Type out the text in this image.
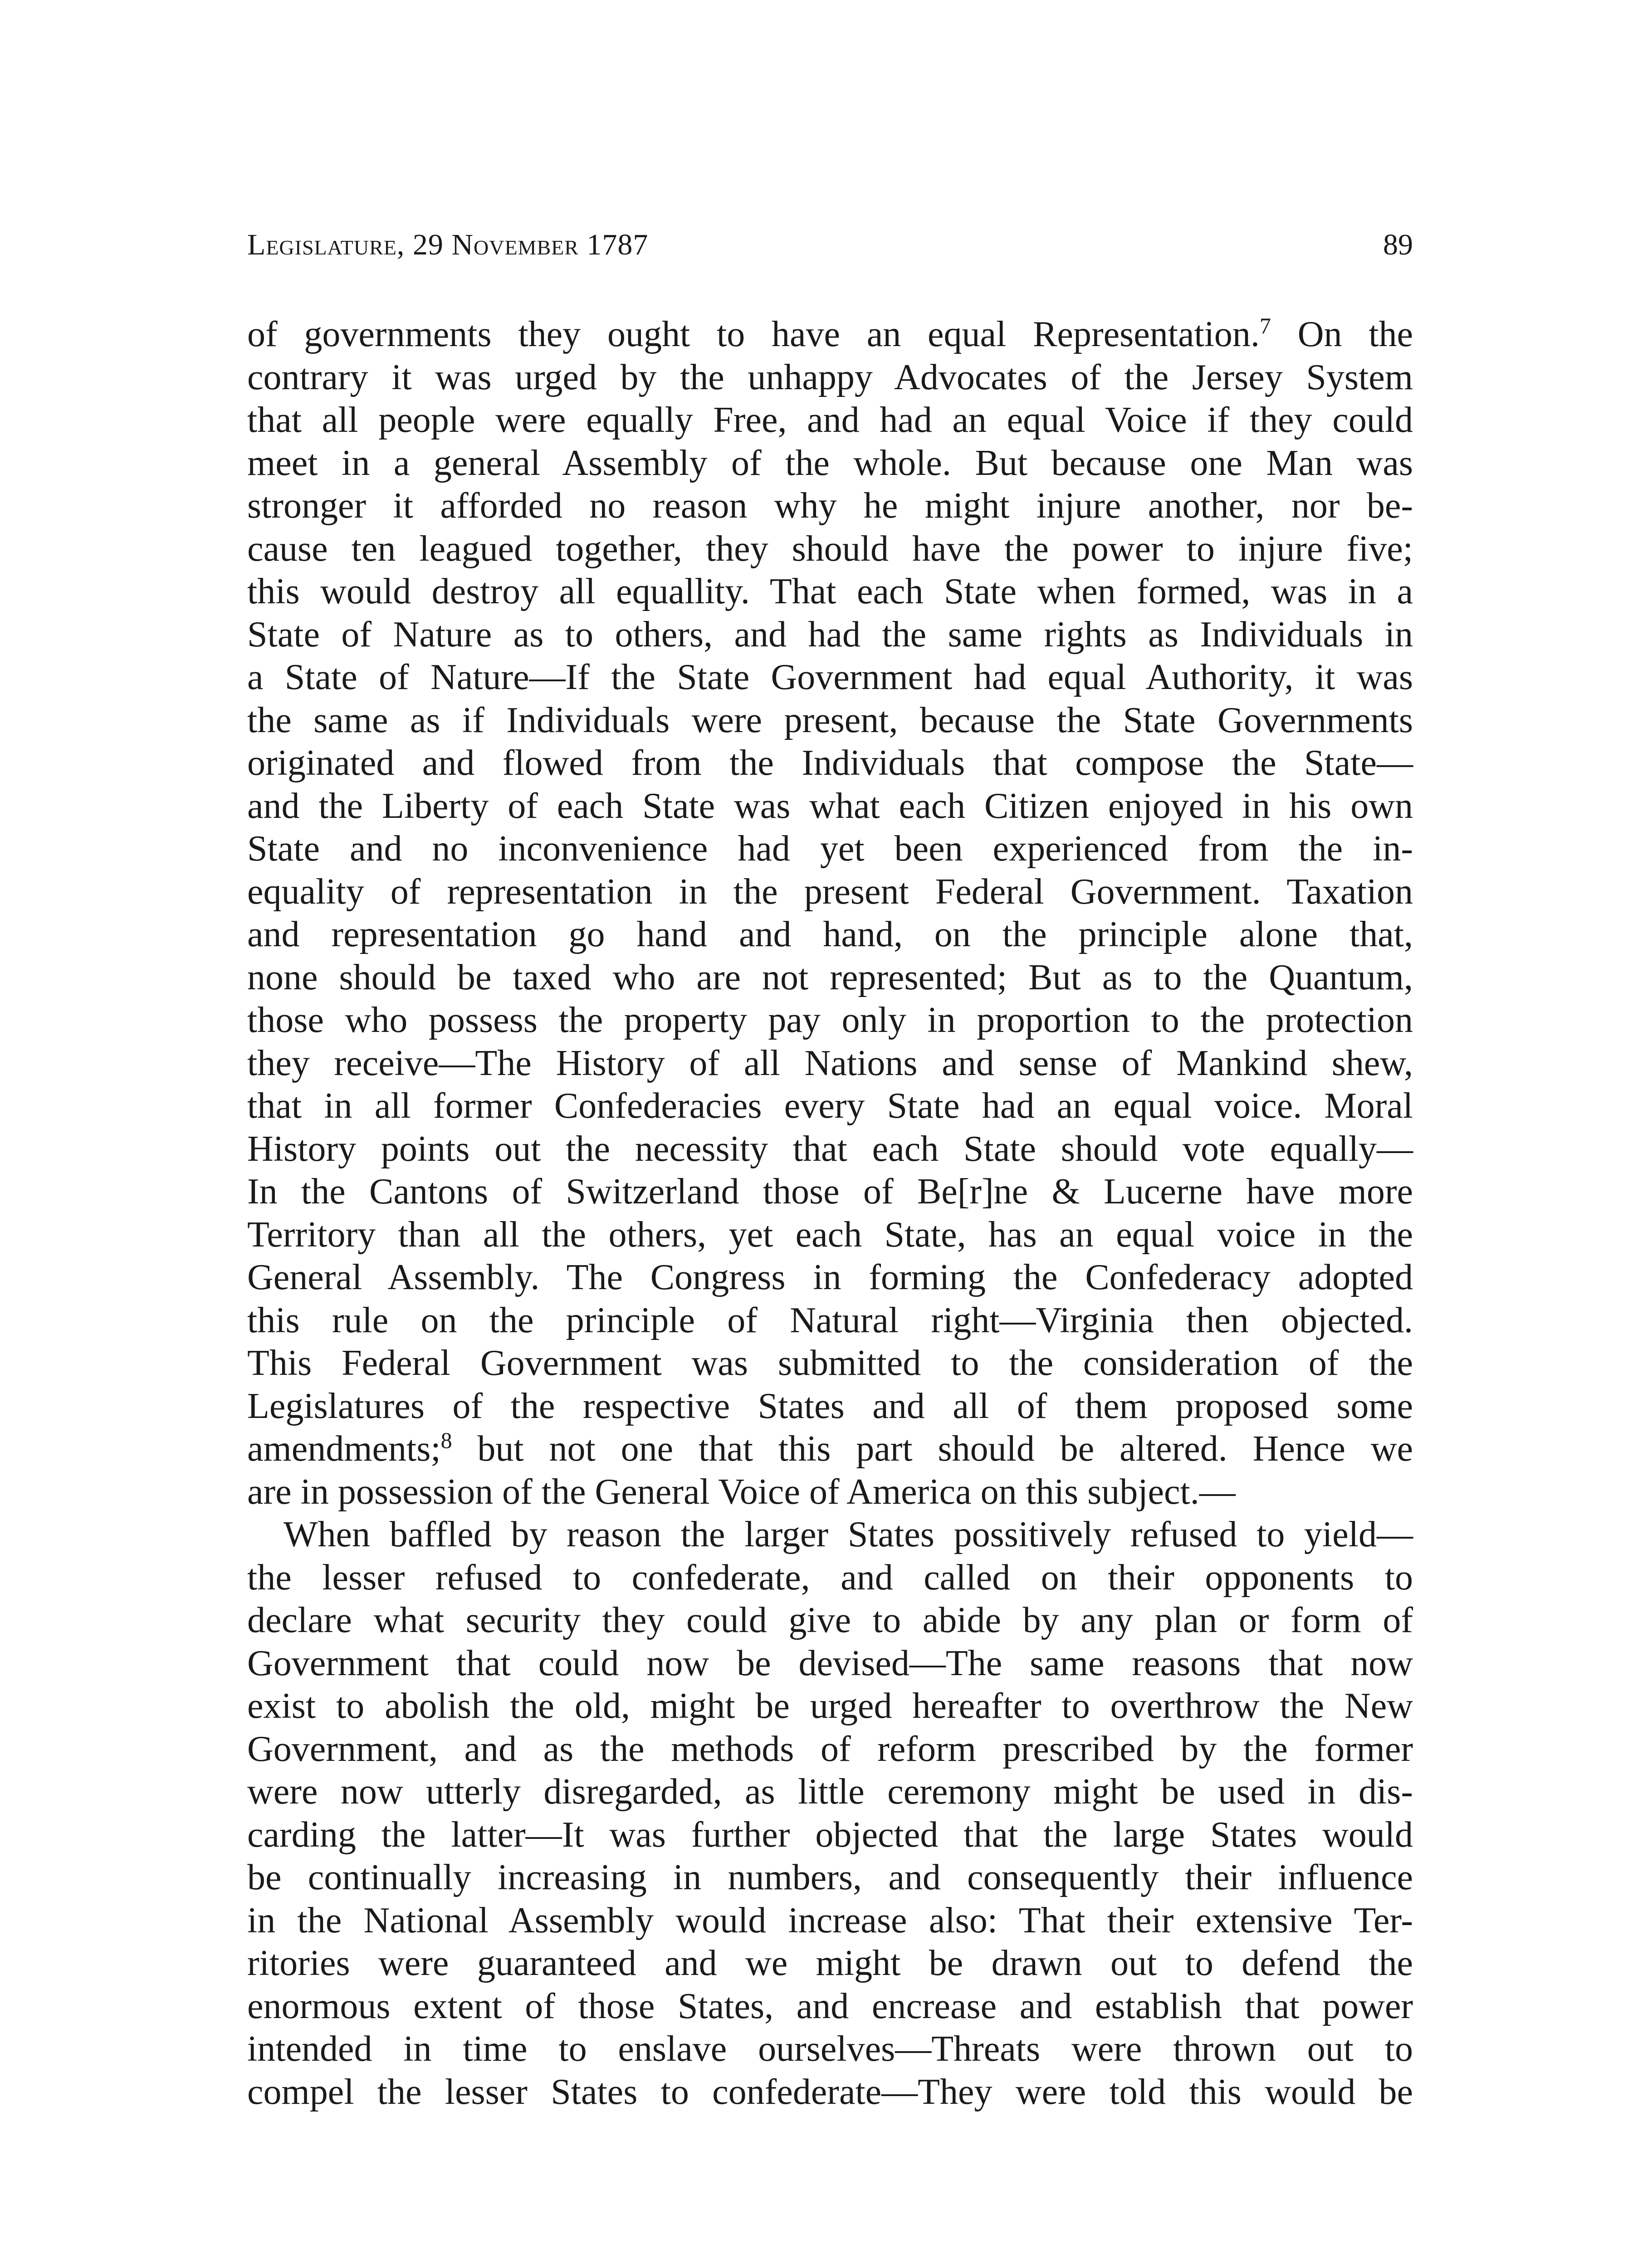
Legislature, 29 November 1787	89
of governments they ought to have an equal Representation.$^7$ On the
contrary it was urged by the unhappy Advocates of the Jersey System
that all people were equally Free, and had an equal Voice if they could
meet in a general Assembly of the whole. But because one Man was
stronger it afforded no reason why he might injure another, nor be-
cause ten leagued together, they should have the power to injure five;
this would destroy all equallity. That each State when formed, was in a
State of Nature as to others, and had the same rights as Individuals in
a State of Nature—If the State Government had equal Authority, it was
the same as if Individuals were present, because the State Governments
originated and flowed from the Individuals that compose the State—
and the Liberty of each State was what each Citizen enjoyed in his own
State and no inconvenience had yet been experienced from the in-
equality of representation in the present Federal Government. Taxation
and representation go hand and hand, on the principle alone that,
none should be taxed who are not represented; But as to the Quantum,
those who possess the property pay only in proportion to the protection
they receive—The History of all Nations and sense of Mankind shew,
that in all former Confederacies every State had an equal voice. Moral
History points out the necessity that each State should vote equally—
In the Cantons of Switzerland those of Be[r]ne & Lucerne have more
Territory than all the others, yet each State, has an equal voice in the
General Assembly. The Congress in forming the Confederacy adopted
this rule on the principle of Natural right—Virginia then objected.
This Federal Government was submitted to the consideration of the
Legislatures of the respective States and all of them proposed some
amendments;$^8$ but not one that this part should be altered. Hence we
are in possession of the General Voice of America on this subject.—
When baffled by reason the larger States possitively refused to yield—
the lesser refused to confederate, and called on their opponents to
declare what security they could give to abide by any plan or form of
Government that could now be devised—The same reasons that now
exist to abolish the old, might be urged hereafter to overthrow the New
Government, and as the methods of reform prescribed by the former
were now utterly disregarded, as little ceremony might be used in dis-
carding the latter—It was further objected that the large States would
be continually increasing in numbers, and consequently their influence
in the National Assembly would increase also: That their extensive Ter-
ritories were guaranteed and we might be drawn out to defend the
enormous extent of those States, and encrease and establish that power
intended in time to enslave ourselves—Threats were thrown out to
compel the lesser States to confederate—They were told this would be
